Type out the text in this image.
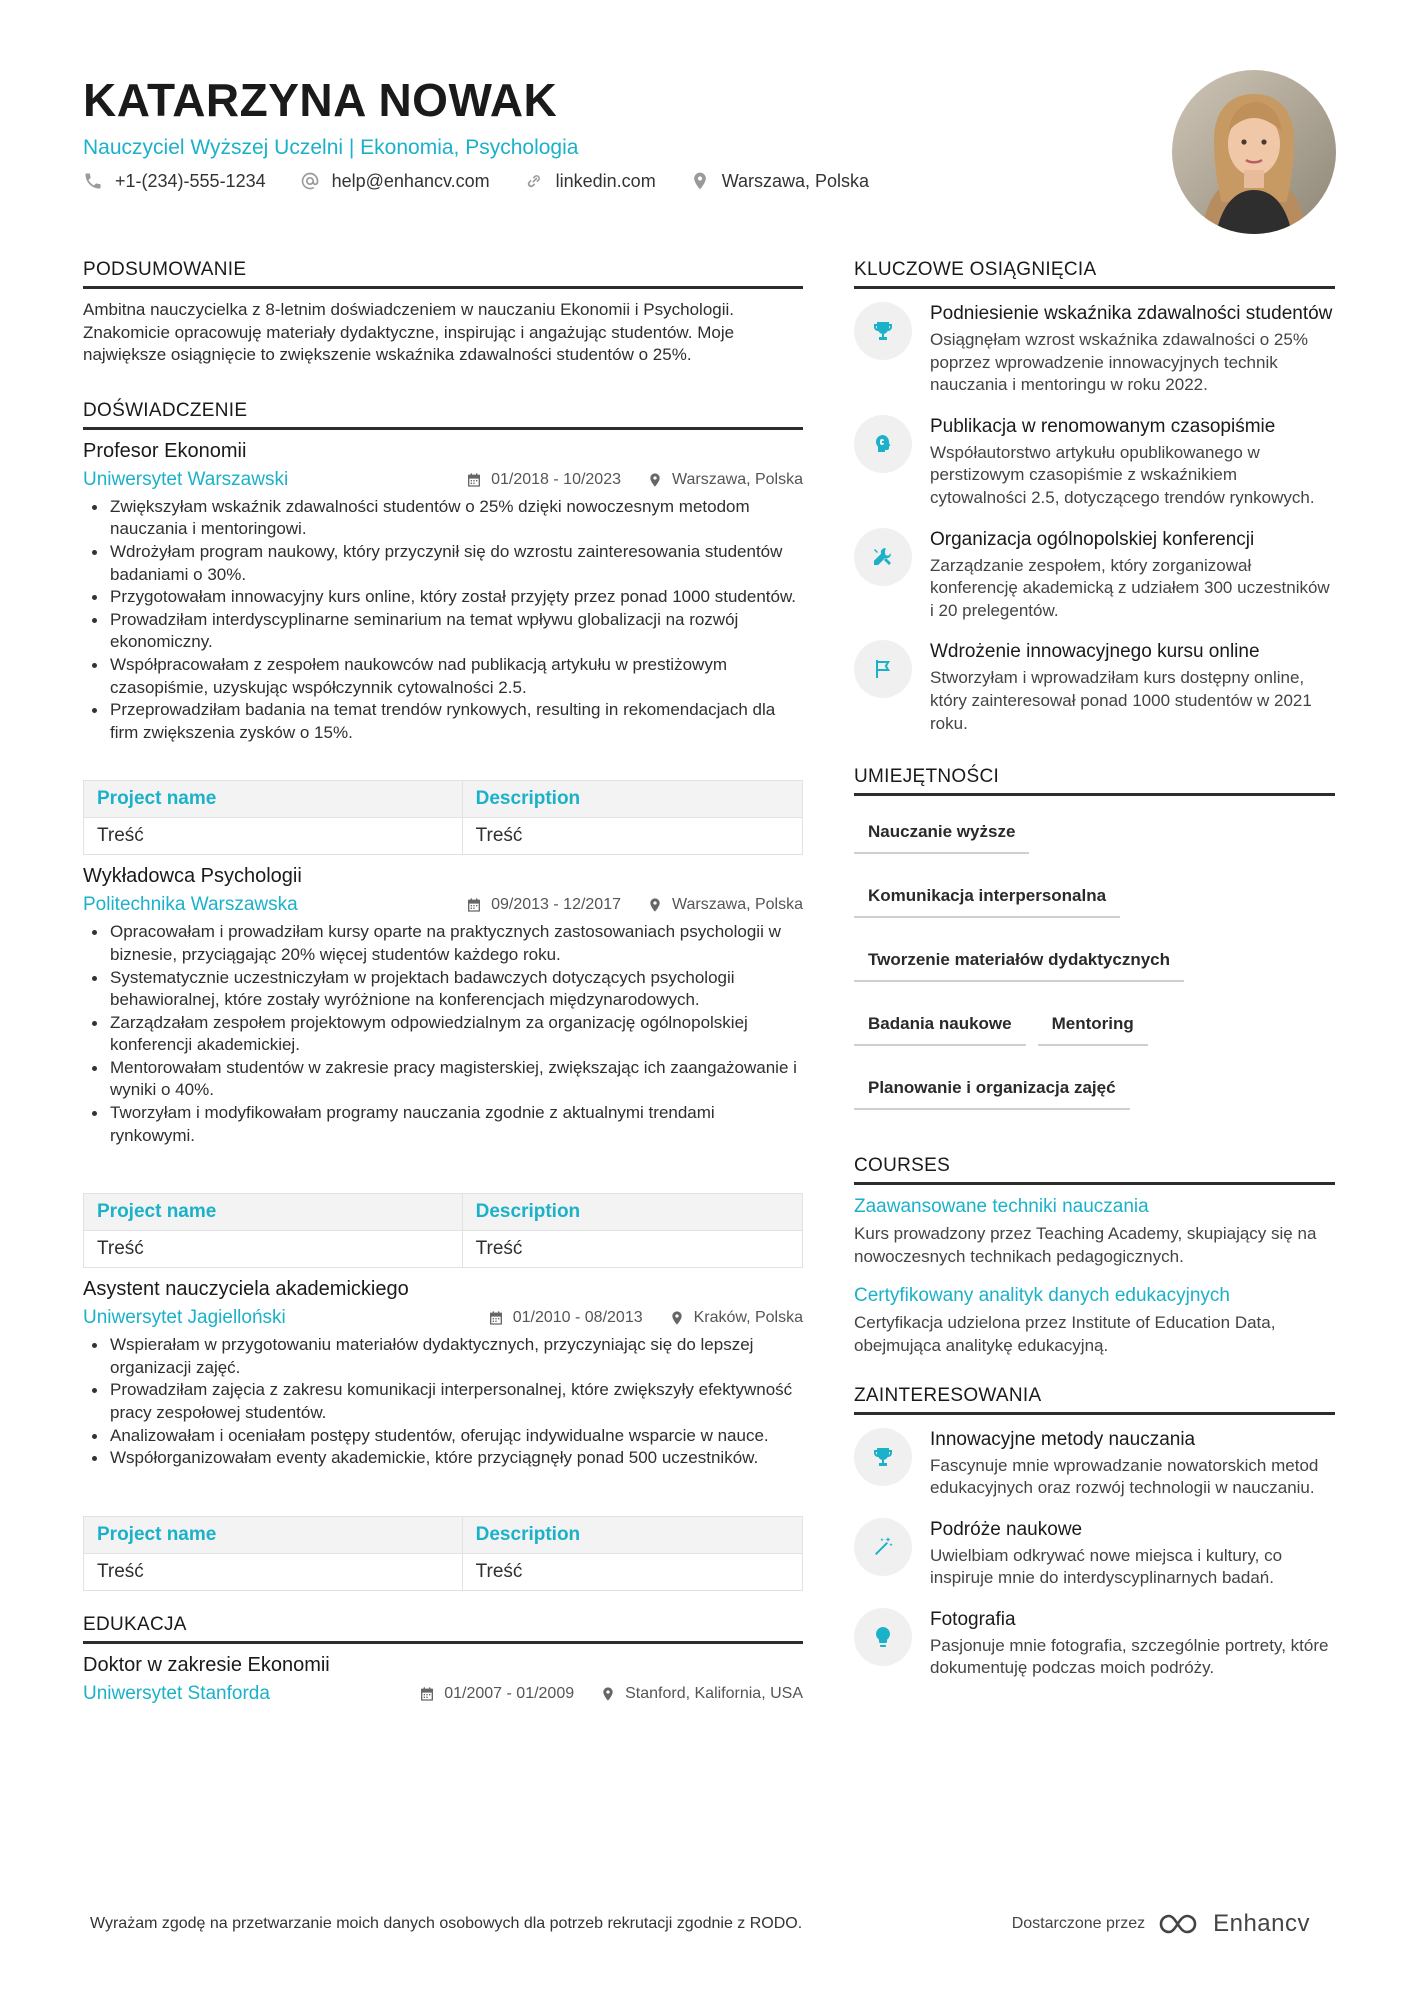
KATARZYNA NOWAK
Nauczyciel Wyższej Uczelni | Ekonomia, Psychologia
+1-(234)-555-1234	help@enhancv.com	linkedin.com	Warszawa, Polska
PODSUMOWANIE
Ambitna nauczycielka z 8-letnim doświadczeniem w nauczaniu Ekonomii i Psychologii. Znakomicie opracowuję materiały dydaktyczne, inspirując i angażując studentów. Moje największe osiągnięcie to zwiększenie wskaźnika zdawalności studentów o 25%.
DOŚWIADCZENIE
Profesor Ekonomii
Uniwersytet Warszawski	01/2018 - 10/2023	Warszawa, Polska
Zwiększyłam wskaźnik zdawalności studentów o 25% dzięki nowoczesnym metodom nauczania i mentoringowi.
Wdrożyłam program naukowy, który przyczynił się do wzrostu zainteresowania studentów badaniami o 30%.
Przygotowałam innowacyjny kurs online, który został przyjęty przez ponad 1000 studentów.
Prowadziłam interdyscyplinarne seminarium na temat wpływu globalizacji na rozwój ekonomiczny.
Współpracowałam z zespołem naukowców nad publikacją artykułu w prestiżowym czasopiśmie, uzyskując współczynnik cytowalności 2.5.
Przeprowadziłam badania na temat trendów rynkowych, resulting in rekomendacjach dla firm zwiększenia zysków o 15%.
Project name	Description
Treść	Treść
Wykładowca Psychologii
Politechnika Warszawska	09/2013 - 12/2017	Warszawa, Polska
Opracowałam i prowadziłam kursy oparte na praktycznych zastosowaniach psychologii w biznesie, przyciągając 20% więcej studentów każdego roku.
Systematycznie uczestniczyłam w projektach badawczych dotyczących psychologii behawioralnej, które zostały wyróżnione na konferencjach międzynarodowych.
Zarządzałam zespołem projektowym odpowiedzialnym za organizację ogólnopolskiej konferencji akademickiej.
Mentorowałam studentów w zakresie pracy magisterskiej, zwiększając ich zaangażowanie i wyniki o 40%.
Tworzyłam i modyfikowałam programy nauczania zgodnie z aktualnymi trendami rynkowymi.
Project name	Description
Treść	Treść
Asystent nauczyciela akademickiego
Uniwersytet Jagielloński	01/2010 - 08/2013	Kraków, Polska
Wspierałam w przygotowaniu materiałów dydaktycznych, przyczyniając się do lepszej organizacji zajęć.
Prowadziłam zajęcia z zakresu komunikacji interpersonalnej, które zwiększyły efektywność pracy zespołowej studentów.
Analizowałam i oceniałam postępy studentów, oferując indywidualne wsparcie w nauce.
Współorganizowałam eventy akademickie, które przyciągnęły ponad 500 uczestników.
Project name	Description
Treść	Treść
EDUKACJA
Doktor w zakresie Ekonomii
Uniwersytet Stanforda	01/2007 - 01/2009	Stanford, Kalifornia, USA
KLUCZOWE OSIĄGNIĘCIA
Podniesienie wskaźnika zdawalności studentów
Osiągnęłam wzrost wskaźnika zdawalności o 25% poprzez wprowadzenie innowacyjnych technik nauczania i mentoringu w roku 2022.
Publikacja w renomowanym czasopiśmie
Współautorstwo artykułu opublikowanego w perstizowym czasopiśmie z wskaźnikiem cytowalności 2.5, dotyczącego trendów rynkowych.
Organizacja ogólnopolskiej konferencji
Zarządzanie zespołem, który zorganizował konferencję akademicką z udziałem 300 uczestników i 20 prelegentów.
Wdrożenie innowacyjnego kursu online
Stworzyłam i wprowadziłam kurs dostępny online, który zainteresował ponad 1000 studentów w 2021 roku.
UMIEJĘTNOŚCI
Nauczanie wyższe
Komunikacja interpersonalna
Tworzenie materiałów dydaktycznych
Badania naukowe	Mentoring
Planowanie i organizacja zajęć
COURSES
Zaawansowane techniki nauczania
Kurs prowadzony przez Teaching Academy, skupiający się na nowoczesnych technikach pedagogicznych.
Certyfikowany analityk danych edukacyjnych
Certyfikacja udzielona przez Institute of Education Data, obejmująca analitykę edukacyjną.
ZAINTERESOWANIA
Innowacyjne metody nauczania
Fascynuje mnie wprowadzanie nowatorskich metod edukacyjnych oraz rozwój technologii w nauczaniu.
Podróże naukowe
Uwielbiam odkrywać nowe miejsca i kultury, co inspiruje mnie do interdyscyplinarnych badań.
Fotografia
Pasjonuje mnie fotografia, szczególnie portrety, które dokumentuję podczas moich podróży.
Wyrażam zgodę na przetwarzanie moich danych osobowych dla potrzeb rekrutacji zgodnie z RODO.	Dostarczone przez	Enhancv
